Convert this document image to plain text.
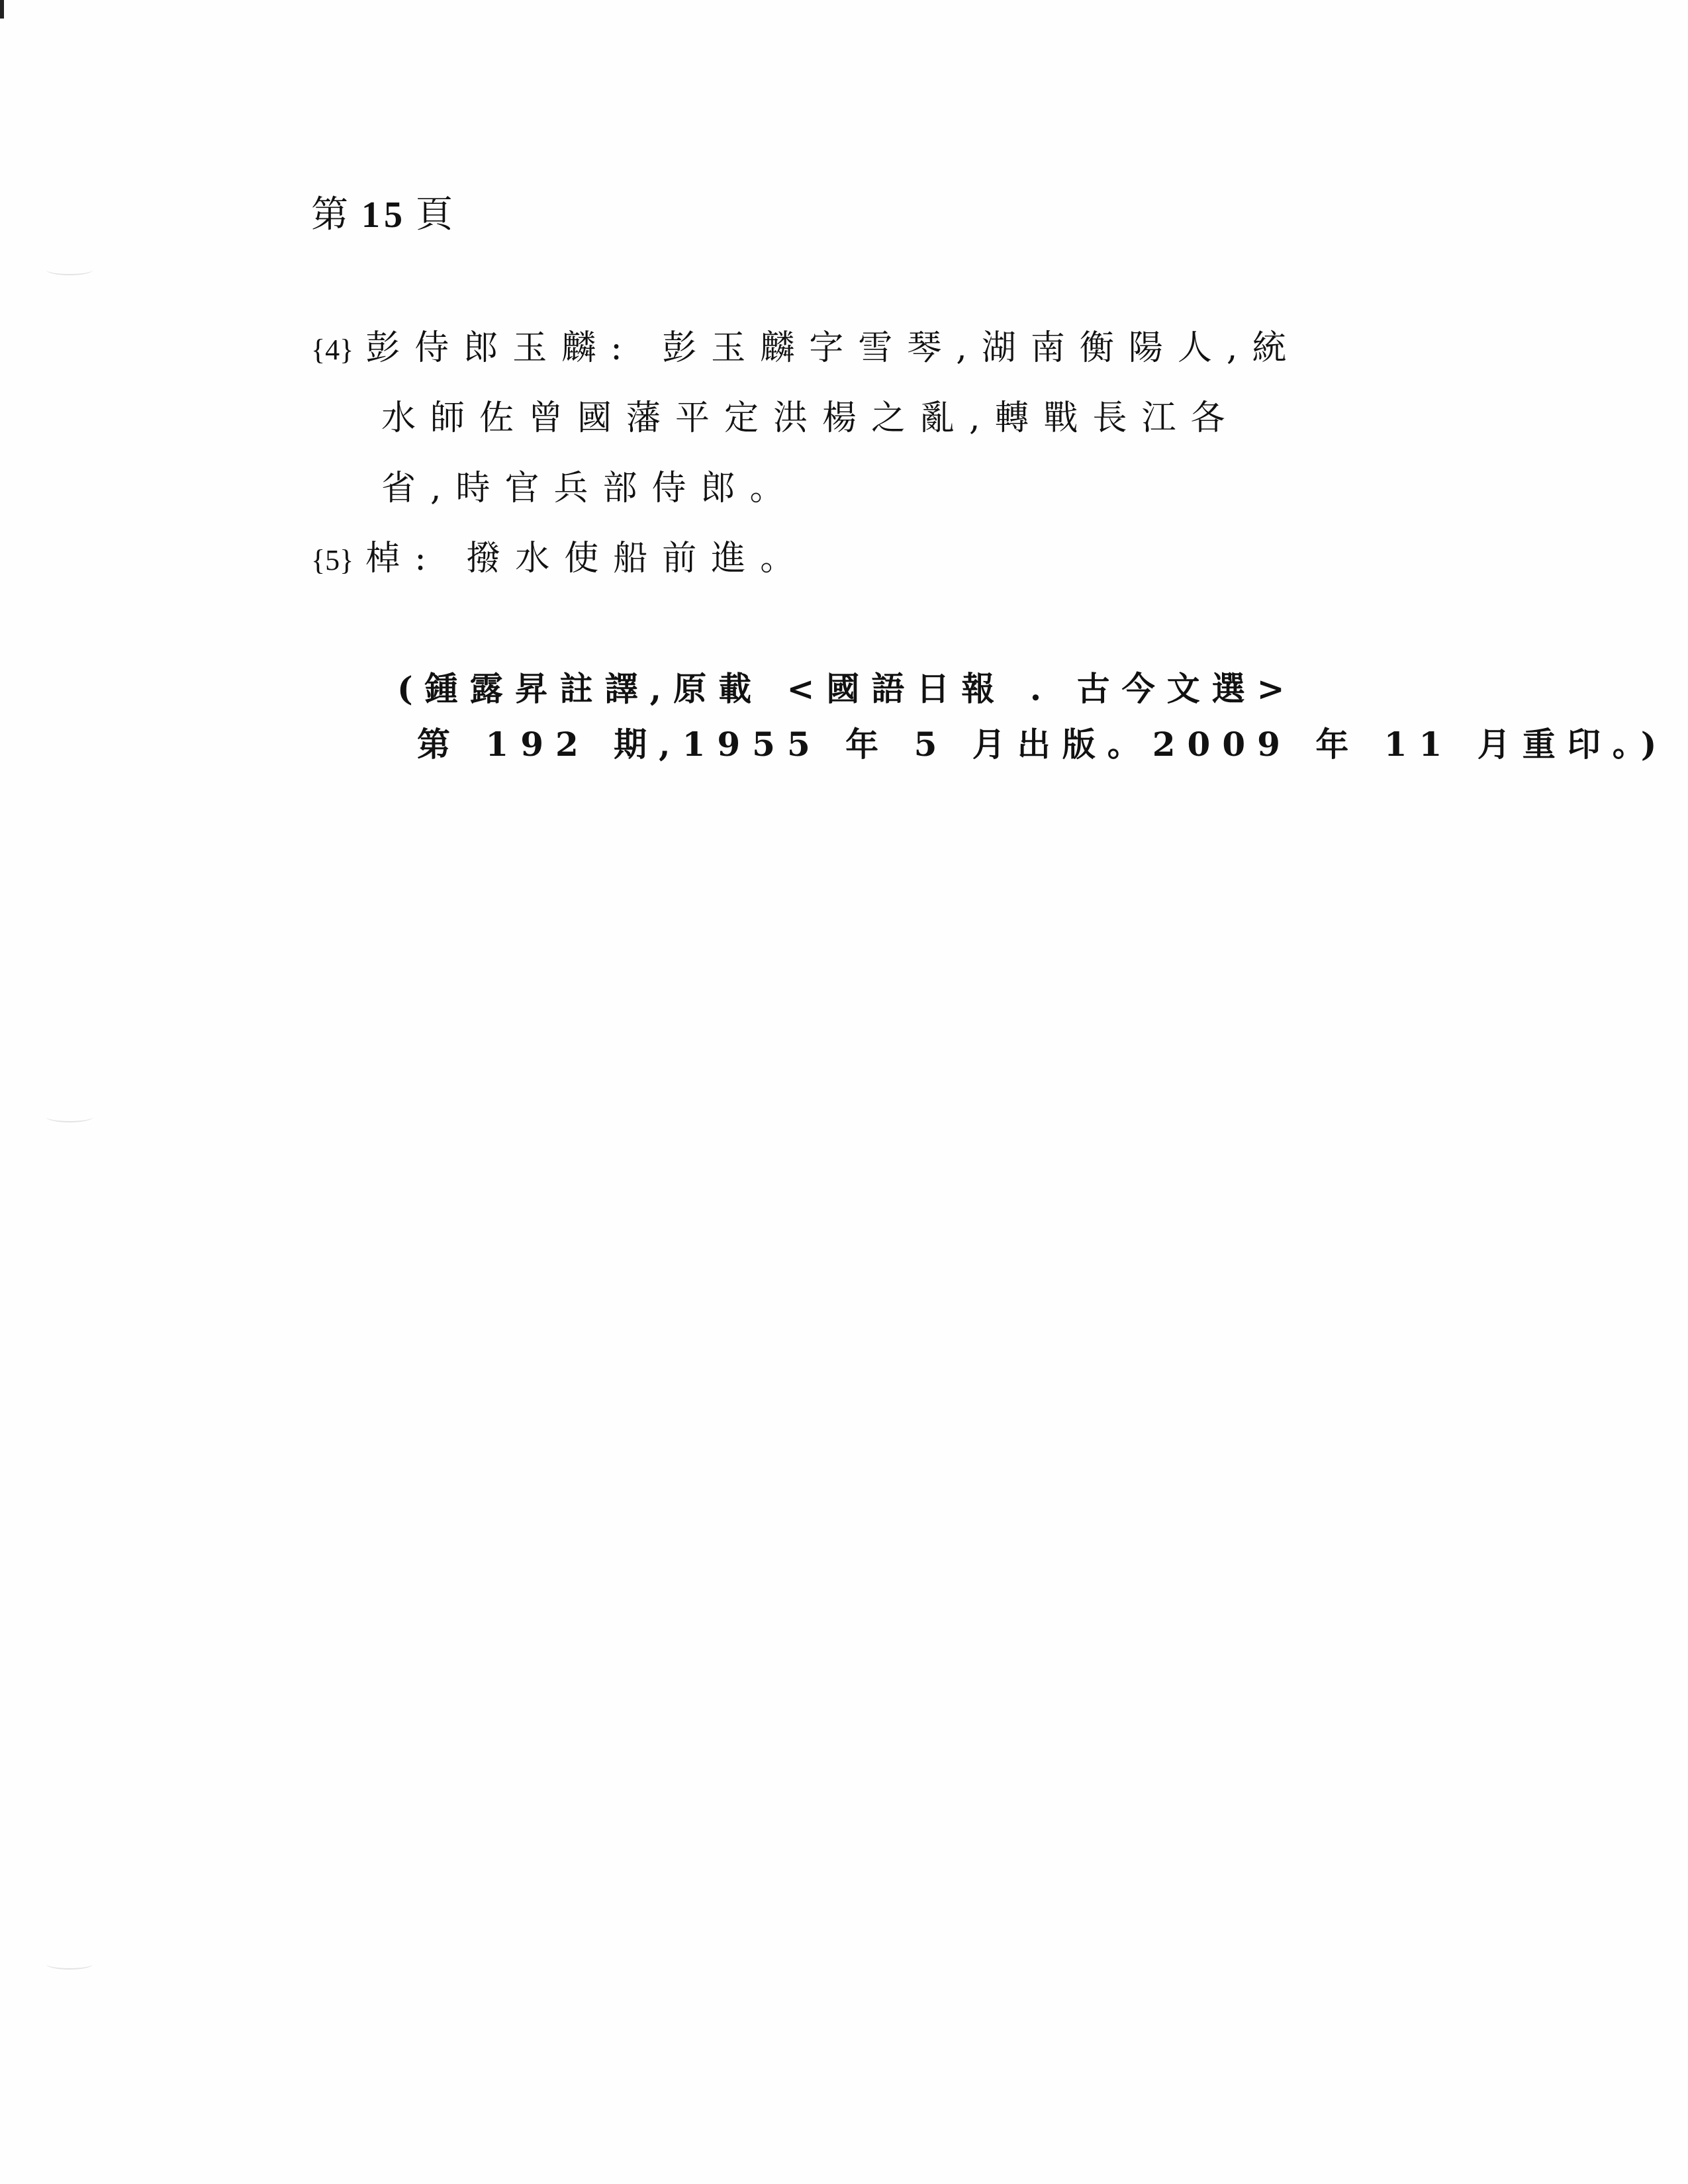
第 15 頁
{4} 彭侍郎玉麟: 彭玉麟字雪琴,湖南衡陽人,統
水師佐曾國藩平定洪楊之亂,轉戰長江各
省,時官兵部侍郎。
{5} 棹: 撥水使船前進。
(鍾露昇註譯,原載 <國語日報 . 古今文選>
第 192 期,1955 年 5 月出版。2009 年 11 月重印。)
